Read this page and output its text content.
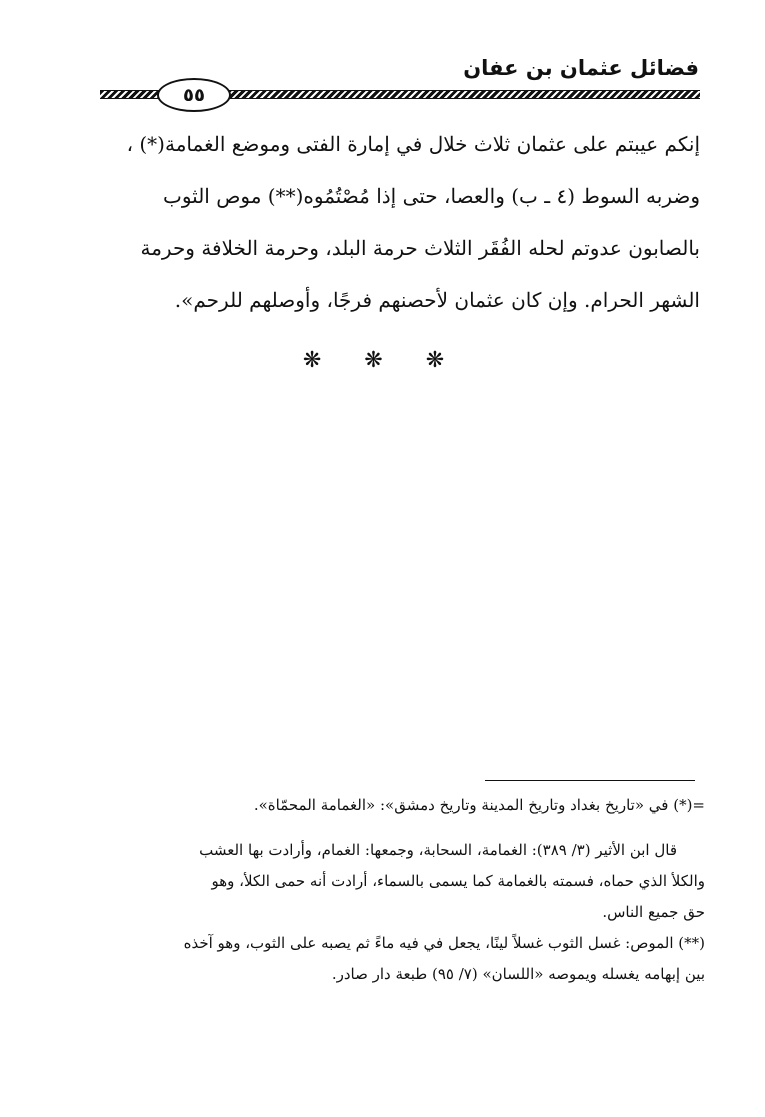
فضائل عثمان بن عفان
٥٥
إنكم عيبتم على عثمان ثلاث خلال في إمارة الفتى وموضع الغمامة(*) ،
وضربه السوط (٤ ـ ب) والعصا، حتى إذا مُصْتُمُوه(**) موص الثوب
بالصابون عدوتم لحله الفُقَر الثلاث حرمة البلد، وحرمة الخلافة وحرمة
الشهر الحرام. وإن كان عثمان لأحصنهم فرجًا، وأوصلهم للرحم».
❋ ❋ ❋
=(*) في «تاريخ بغداد وتاريخ المدينة وتاريخ دمشق»: «الغمامة المحمّاة».
قال ابن الأثير (٣/ ٣٨٩): الغمامة، السحابة، وجمعها: الغمام، وأرادت بها العشب
والكلأ الذي حماه، فسمته بالغمامة كما يسمى بالسماء، أرادت أنه حمى الكلأ، وهو
حق جميع الناس.
(**) الموص: غسل الثوب غسلاً لينًا، يجعل في فيه ماءً ثم يصبه على الثوب، وهو آخذه
بين إبهامه يغسله ويموصه «اللسان» (٧/ ٩٥) طبعة دار صادر.
